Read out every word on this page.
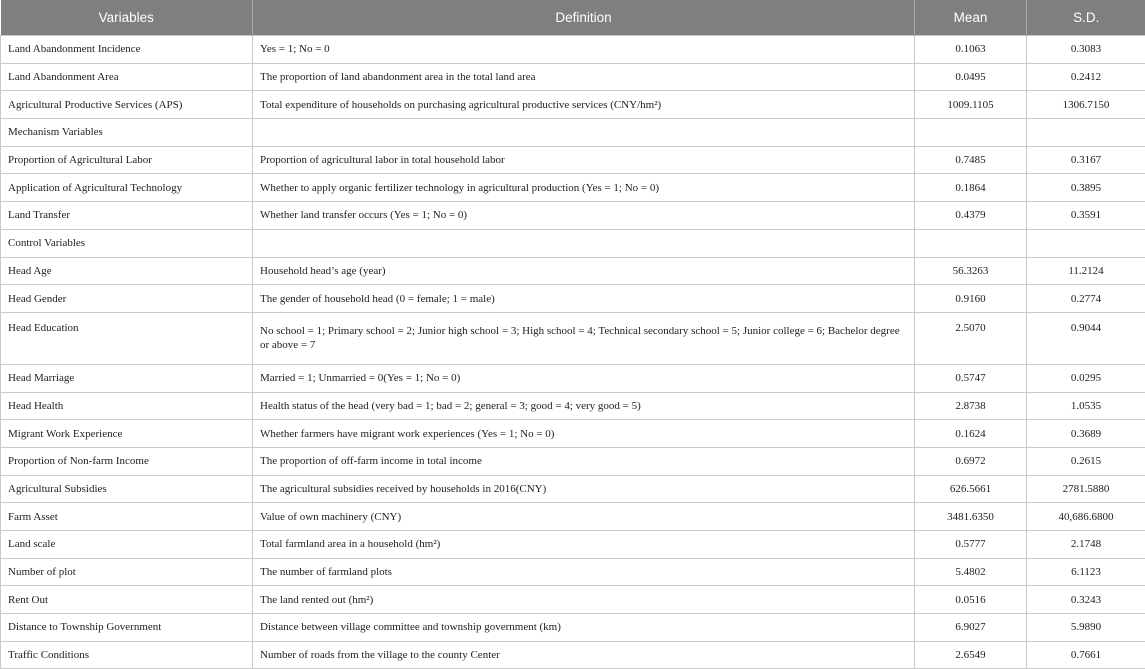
Variables	Definition	Mean	S.D.
Land Abandonment Incidence	Yes = 1; No = 0	0.1063	0.3083
Land Abandonment Area	The proportion of land abandonment area in the total land area	0.0495	0.2412
Agricultural Productive Services (APS)	Total expenditure of households on purchasing agricultural productive services (CNY/hm²)	1009.1105	1306.7150
Mechanism Variables			
Proportion of Agricultural Labor	Proportion of agricultural labor in total household labor	0.7485	0.3167
Application of Agricultural Technology	Whether to apply organic fertilizer technology in agricultural production (Yes = 1; No = 0)	0.1864	0.3895
Land Transfer	Whether land transfer occurs (Yes = 1; No = 0)	0.4379	0.3591
Control Variables			
Head Age	Household head’s age (year)	56.3263	11.2124
Head Gender	The gender of household head (0 = female; 1 = male)	0.9160	0.2774
Head Education	No school = 1; Primary school = 2; Junior high school = 3; High school = 4; Technical secondary school = 5; Junior college = 6; Bachelor degree or above = 7	2.5070	0.9044
Head Marriage	Married = 1; Unmarried = 0(Yes = 1; No = 0)	0.5747	0.0295
Head Health	Health status of the head (very bad = 1; bad = 2; general = 3; good = 4; very good = 5)	2.8738	1.0535
Migrant Work Experience	Whether farmers have migrant work experiences (Yes = 1; No = 0)	0.1624	0.3689
Proportion of Non-farm Income	The proportion of off-farm income in total income	0.6972	0.2615
Agricultural Subsidies	The agricultural subsidies received by households in 2016(CNY)	626.5661	2781.5880
Farm Asset	Value of own machinery (CNY)	3481.6350	40,686.6800
Land scale	Total farmland area in a household (hm²)	0.5777	2.1748
Number of plot	The number of farmland plots	5.4802	6.1123
Rent Out	The land rented out (hm²)	0.0516	0.3243
Distance to Township Government	Distance between village committee and township government (km)	6.9027	5.9890
Traffic Conditions	Number of roads from the village to the county Center	2.6549	0.7661
